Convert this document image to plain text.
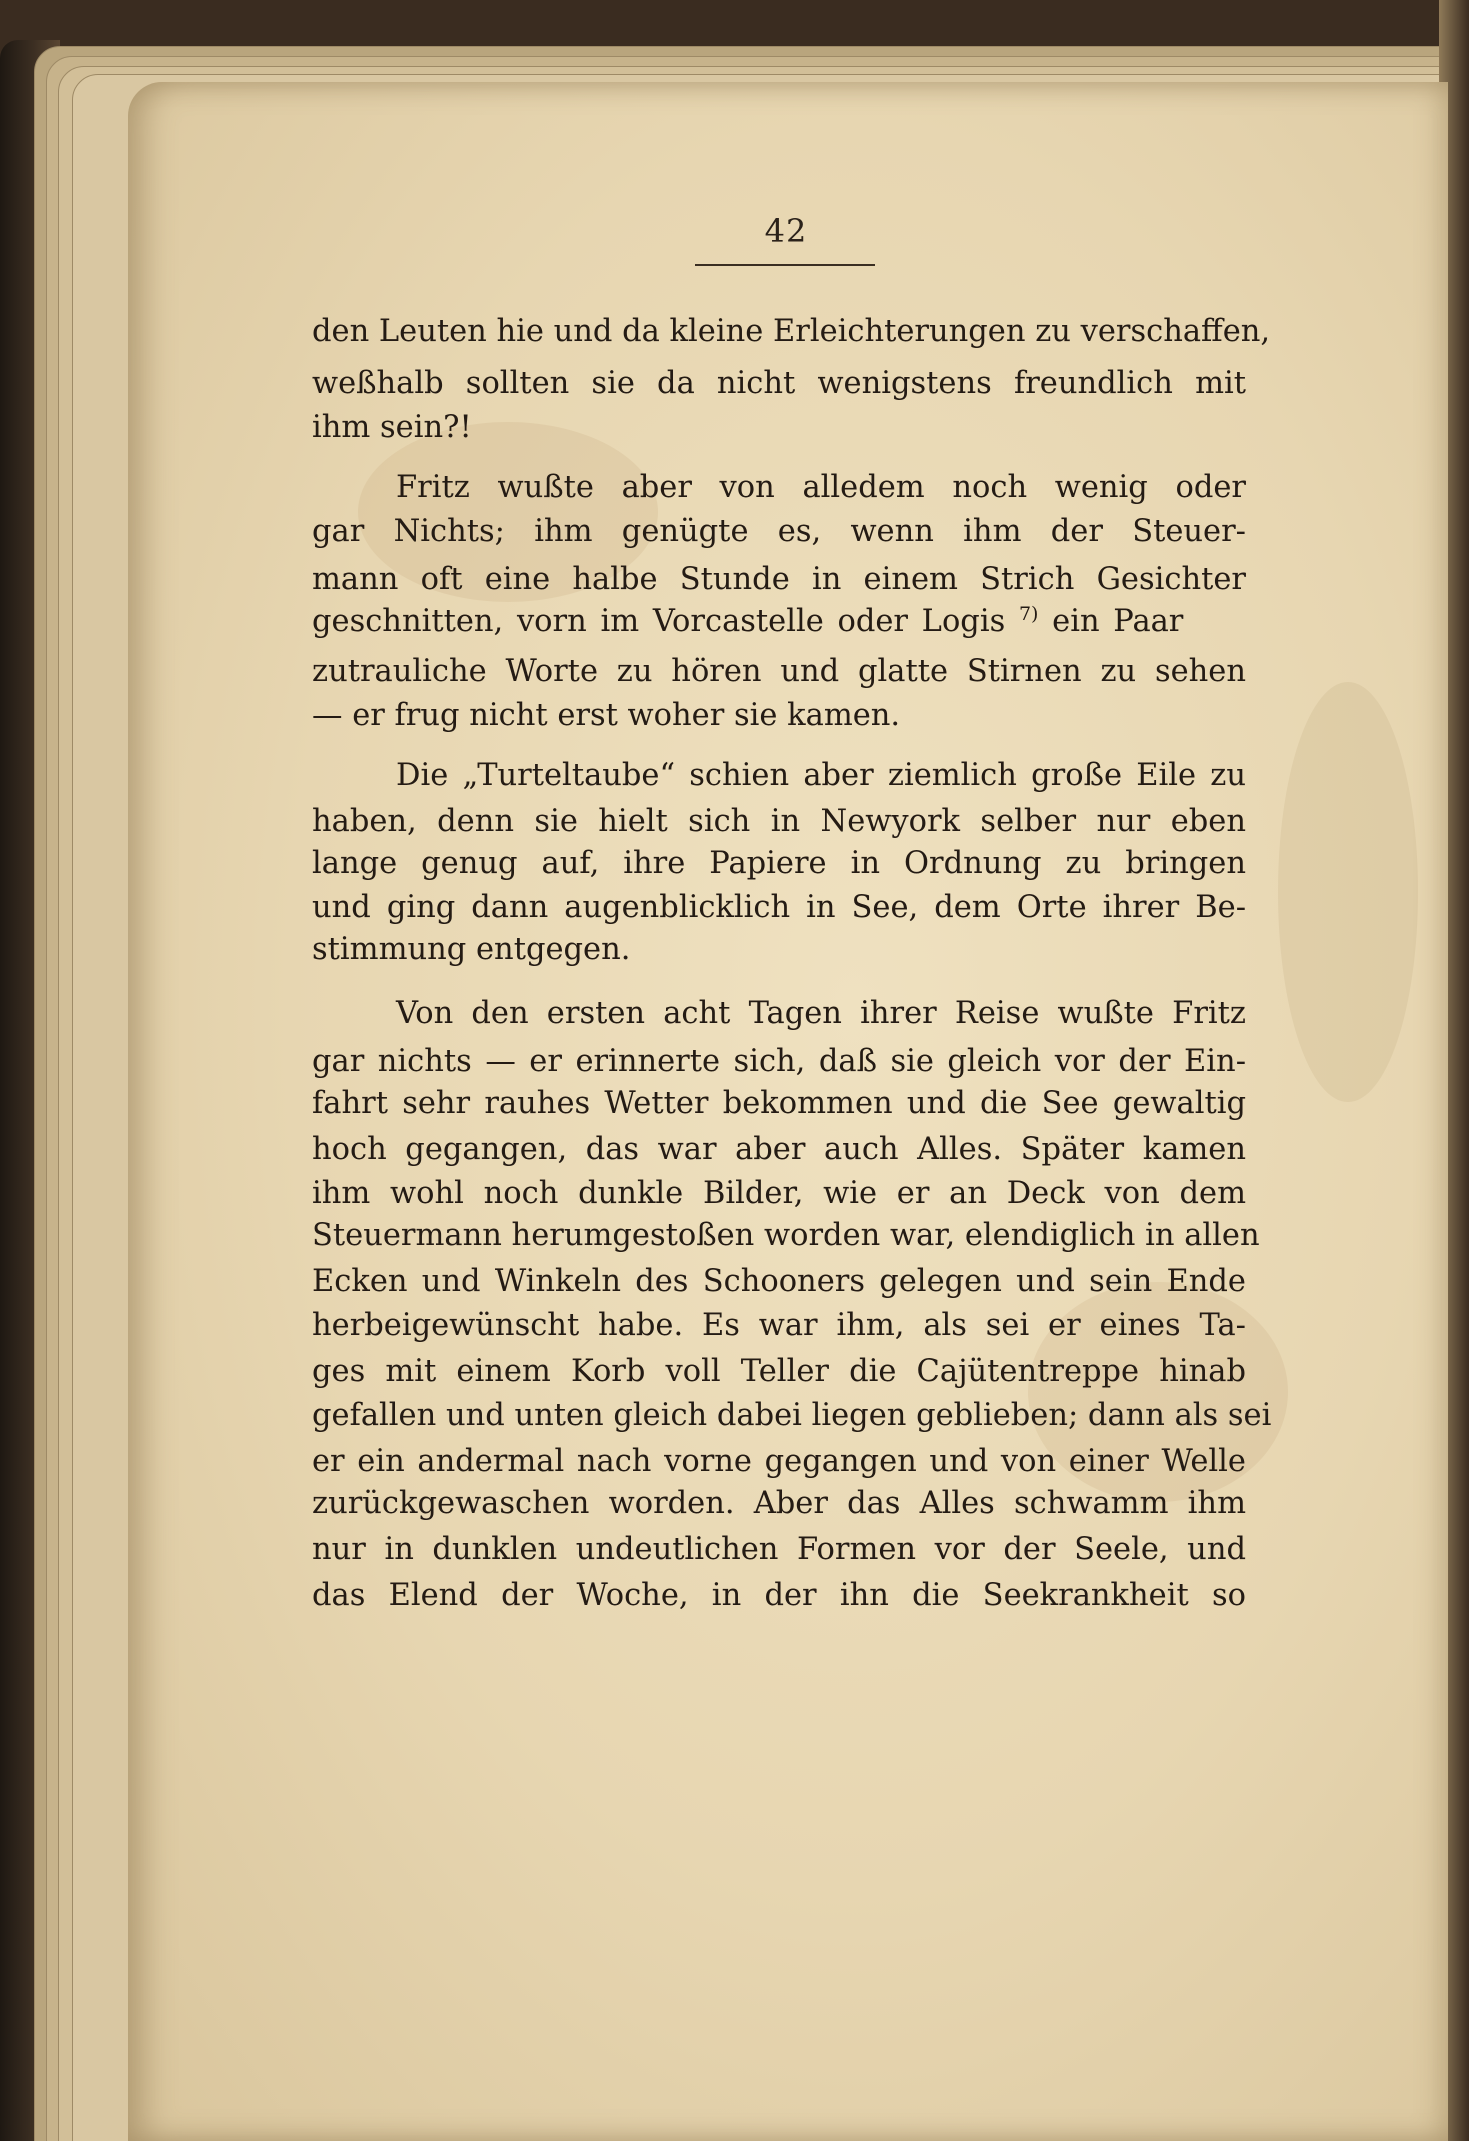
42
den Leuten hie und da kleine Erleichterungen zu verschaffen,
weßhalb sollten sie da nicht wenigstens freundlich mit
ihm sein?!
Fritz wußte aber von alledem noch wenig oder
gar Nichts; ihm genügte es, wenn ihm der Steuer-
mann oft eine halbe Stunde in einem Strich Gesichter
geschnitten, vorn im Vorcastelle oder Logis $^{7)}$ ein Paar
zutrauliche Worte zu hören und glatte Stirnen zu sehen
— er frug nicht erst woher sie kamen.
Die „Turteltaube“ schien aber ziemlich große Eile zu
haben, denn sie hielt sich in Newyork selber nur eben
lange genug auf, ihre Papiere in Ordnung zu bringen
und ging dann augenblicklich in See, dem Orte ihrer Be-
stimmung entgegen.
Von den ersten acht Tagen ihrer Reise wußte Fritz
gar nichts — er erinnerte sich, daß sie gleich vor der Ein-
fahrt sehr rauhes Wetter bekommen und die See gewaltig
hoch gegangen, das war aber auch Alles. Später kamen
ihm wohl noch dunkle Bilder, wie er an Deck von dem
Steuermann herumgestoßen worden war, elendiglich in allen
Ecken und Winkeln des Schooners gelegen und sein Ende
herbeigewünscht habe. Es war ihm, als sei er eines Ta-
ges mit einem Korb voll Teller die Cajütentreppe hinab
gefallen und unten gleich dabei liegen geblieben; dann als sei
er ein andermal nach vorne gegangen und von einer Welle
zurückgewaschen worden. Aber das Alles schwamm ihm
nur in dunklen undeutlichen Formen vor der Seele, und
das Elend der Woche, in der ihn die Seekrankheit so
